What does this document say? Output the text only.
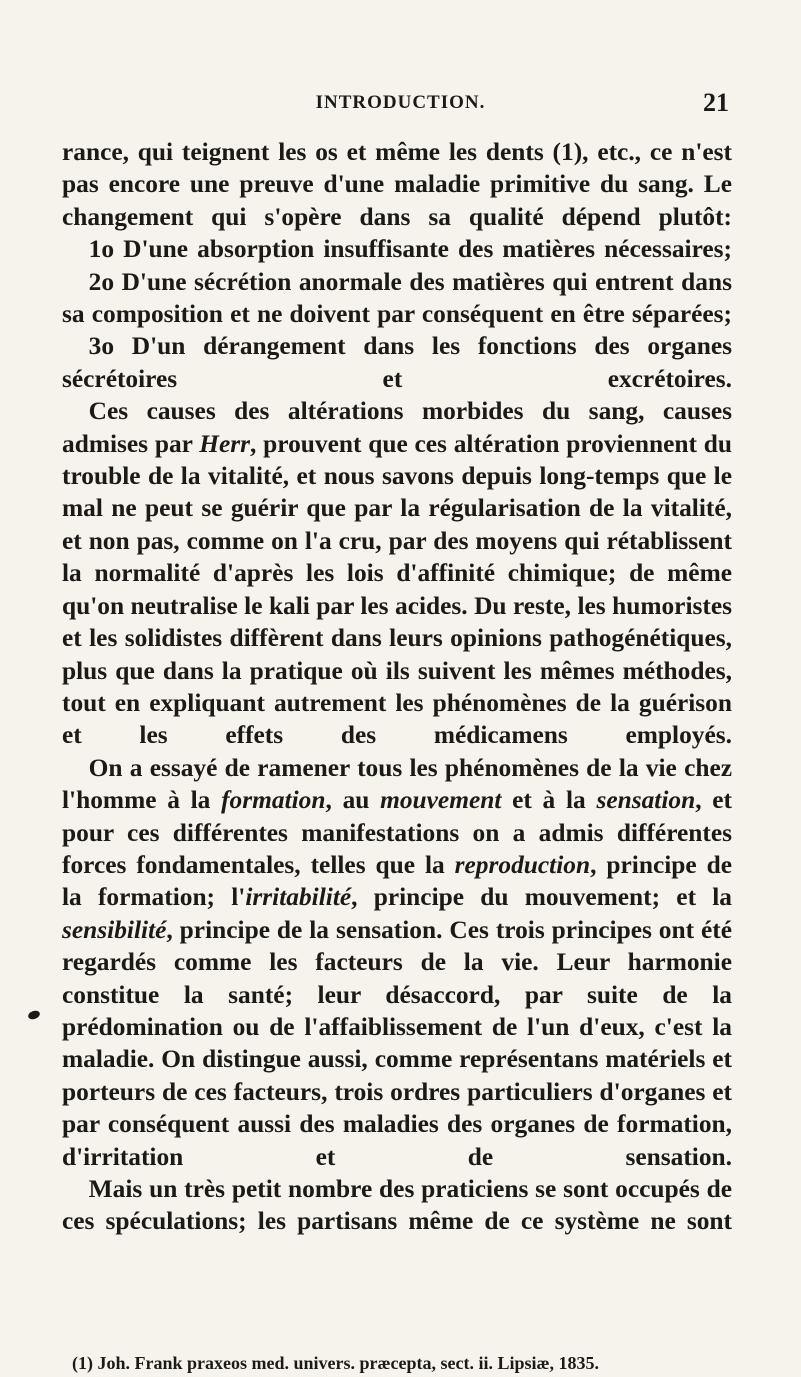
INTRODUCTION.	21

rance, qui teignent les os et même les dents (1), etc., ce n'est pas encore une preuve d'une maladie primitive du sang. Le changement qui s'opère dans sa qualité dépend plutôt:

1o D'une absorption insuffisante des matières nécessaires;

2o D'une sécrétion anormale des matières qui entrent dans sa composition et ne doivent par conséquent en être séparées;

3o D'un dérangement dans les fonctions des organes sécrétoires et excrétoires.

Ces causes des altérations morbides du sang, causes admises par Herr, prouvent que ces altération proviennent du trouble de la vitalité, et nous savons depuis long-temps que le mal ne peut se guérir que par la régularisation de la vitalité, et non pas, comme on l'a cru, par des moyens qui rétablissent la normalité d'après les lois d'affinité chimique; de même qu'on neutralise le kali par les acides. Du reste, les humoristes et les solidistes diffèrent dans leurs opinions pathogénétiques, plus que dans la pratique où ils suivent les mêmes méthodes, tout en expliquant autrement les phénomènes de la guérison et les effets des médicamens employés.

On a essayé de ramener tous les phénomènes de la vie chez l'homme à la formation, au mouvement et à la sensation, et pour ces différentes manifestations on a admis différentes forces fondamentales, telles que la reproduction, principe de la formation; l'irritabilité, principe du mouvement; et la sensibilité, principe de la sensation. Ces trois principes ont été regardés comme les facteurs de la vie. Leur harmonie constitue la santé; leur désaccord, par suite de la prédomination ou de l'affaiblissement de l'un d'eux, c'est la maladie. On distingue aussi, comme représentans matériels et porteurs de ces facteurs, trois ordres particuliers d'organes et par conséquent aussi des maladies des organes de formation, d'irritation et de sensation.

Mais un très petit nombre des praticiens se sont occupés de ces spéculations; les partisans même de ce système ne sont

(1) Joh. Frank praxeos med. univers. præcepta, sect. ii. Lipsiæ, 1835.
